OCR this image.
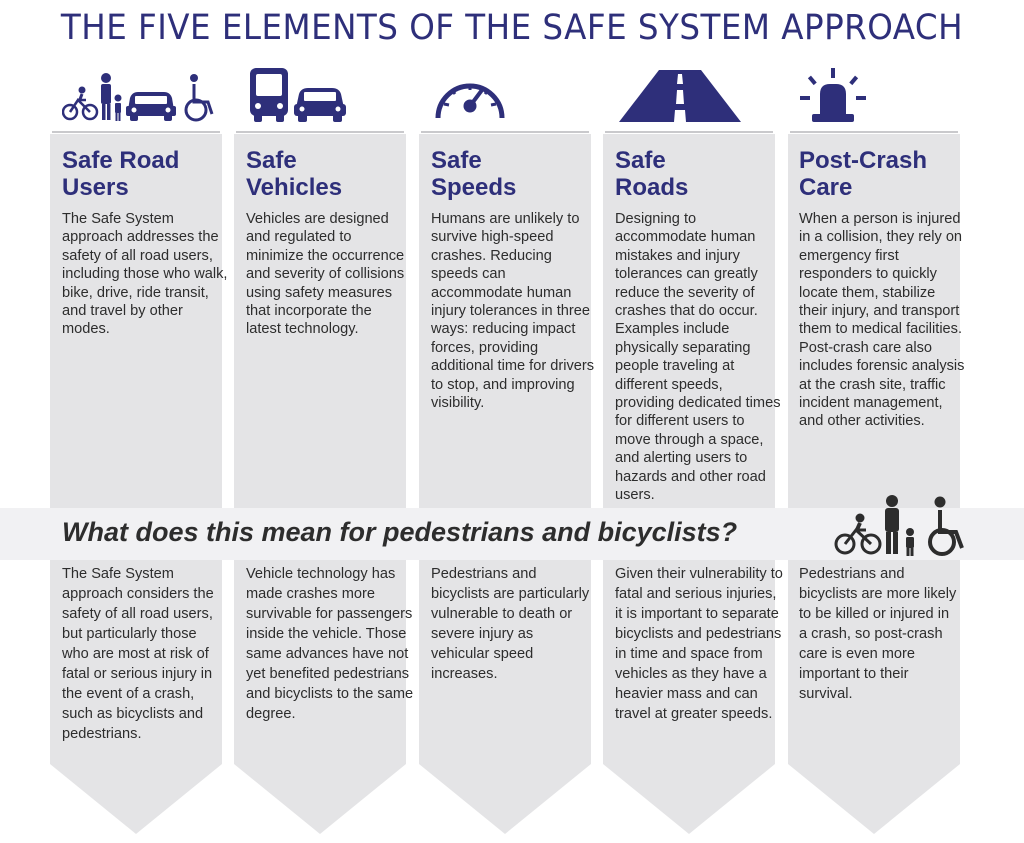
THE FIVE ELEMENTS OF THE SAFE SYSTEM APPROACH
Safe Road Users
Safe Vehicles
Safe Speeds
Safe Roads
Post-Crash Care
The Safe System approach addresses the safety of all road users, including those who walk, bike, drive, ride transit, and travel by other modes.
Vehicles are designed and regulated to minimize the occurrence and severity of collisions using safety measures that incorporate the latest technology.
Humans are unlikely to survive high-speed crashes. Reducing speeds can accommodate human injury tolerances in three ways: reducing impact forces, providing additional time for drivers to stop, and improving visibility.
Designing to accommodate human mistakes and injury tolerances can greatly reduce the severity of crashes that do occur. Examples include physically separating people traveling at different speeds, providing dedicated times for different users to move through a space, and alerting users to hazards and other road users.
When a person is injured in a collision, they rely on emergency first responders to quickly locate them, stabilize their injury, and transport them to medical facilities. Post-crash care also includes forensic analysis at the crash site, traffic incident management, and other activities.
What does this mean for pedestrians and bicyclists?
The Safe System approach considers the safety of all road users, but particularly those who are most at risk of fatal or serious injury in the event of a crash, such as bicyclists and pedestrians.
Vehicle technology has made crashes more survivable for passengers inside the vehicle. Those same advances have not yet benefited pedestrians and bicyclists to the same degree.
Pedestrians and bicyclists are particularly vulnerable to death or severe injury as vehicular speed increases.
Given their vulnerability to fatal and serious injuries, it is important to separate bicyclists and pedestrians in time and space from vehicles as they have a heavier mass and can travel at greater speeds.
Pedestrians and bicyclists are more likely to be killed or injured in a crash, so post-crash care is even more important to their survival.
